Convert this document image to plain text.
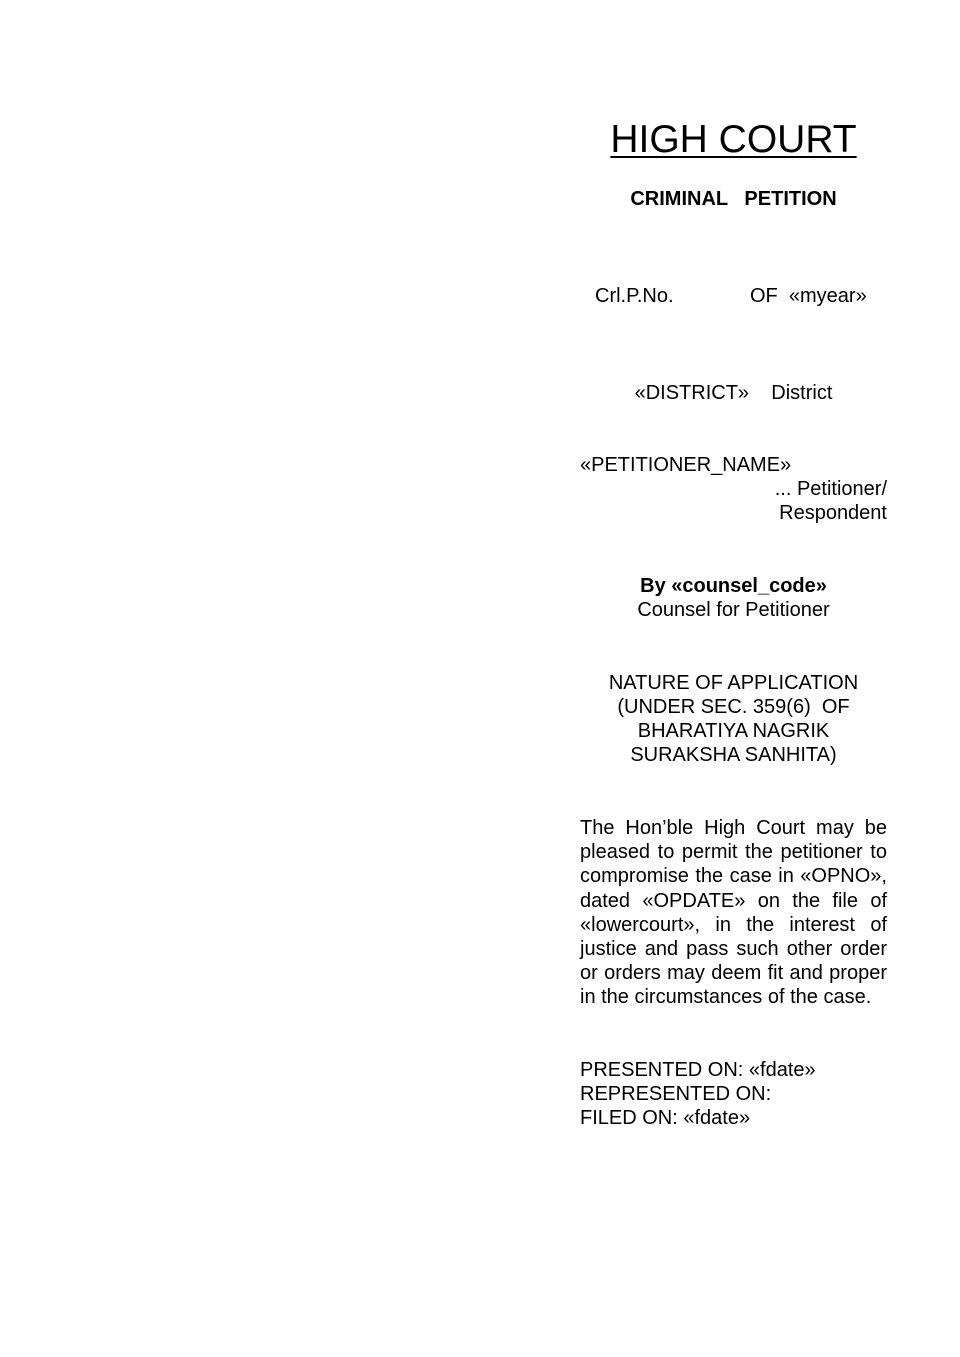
HIGH COURT
CRIMINAL   PETITION
Crl.P.No.	OF  «myear»
«DISTRICT» District
«PETITIONER_NAME»
... Petitioner/
Respondent
By «counsel_code»
Counsel for Petitioner
NATURE OF APPLICATION
(UNDER SEC. 359(6)  OF
BHARATIYA NAGRIK
SURAKSHA SANHITA)
The Hon’ble High Court may be pleased to permit the petitioner to compromise the case in «OPNO», dated «OPDATE» on the file of «lowercourt», in the interest of justice and pass such other order or orders may deem fit and proper in the circumstances of the case.
PRESENTED ON: «fdate»
REPRESENTED ON:
FILED ON: «fdate»
